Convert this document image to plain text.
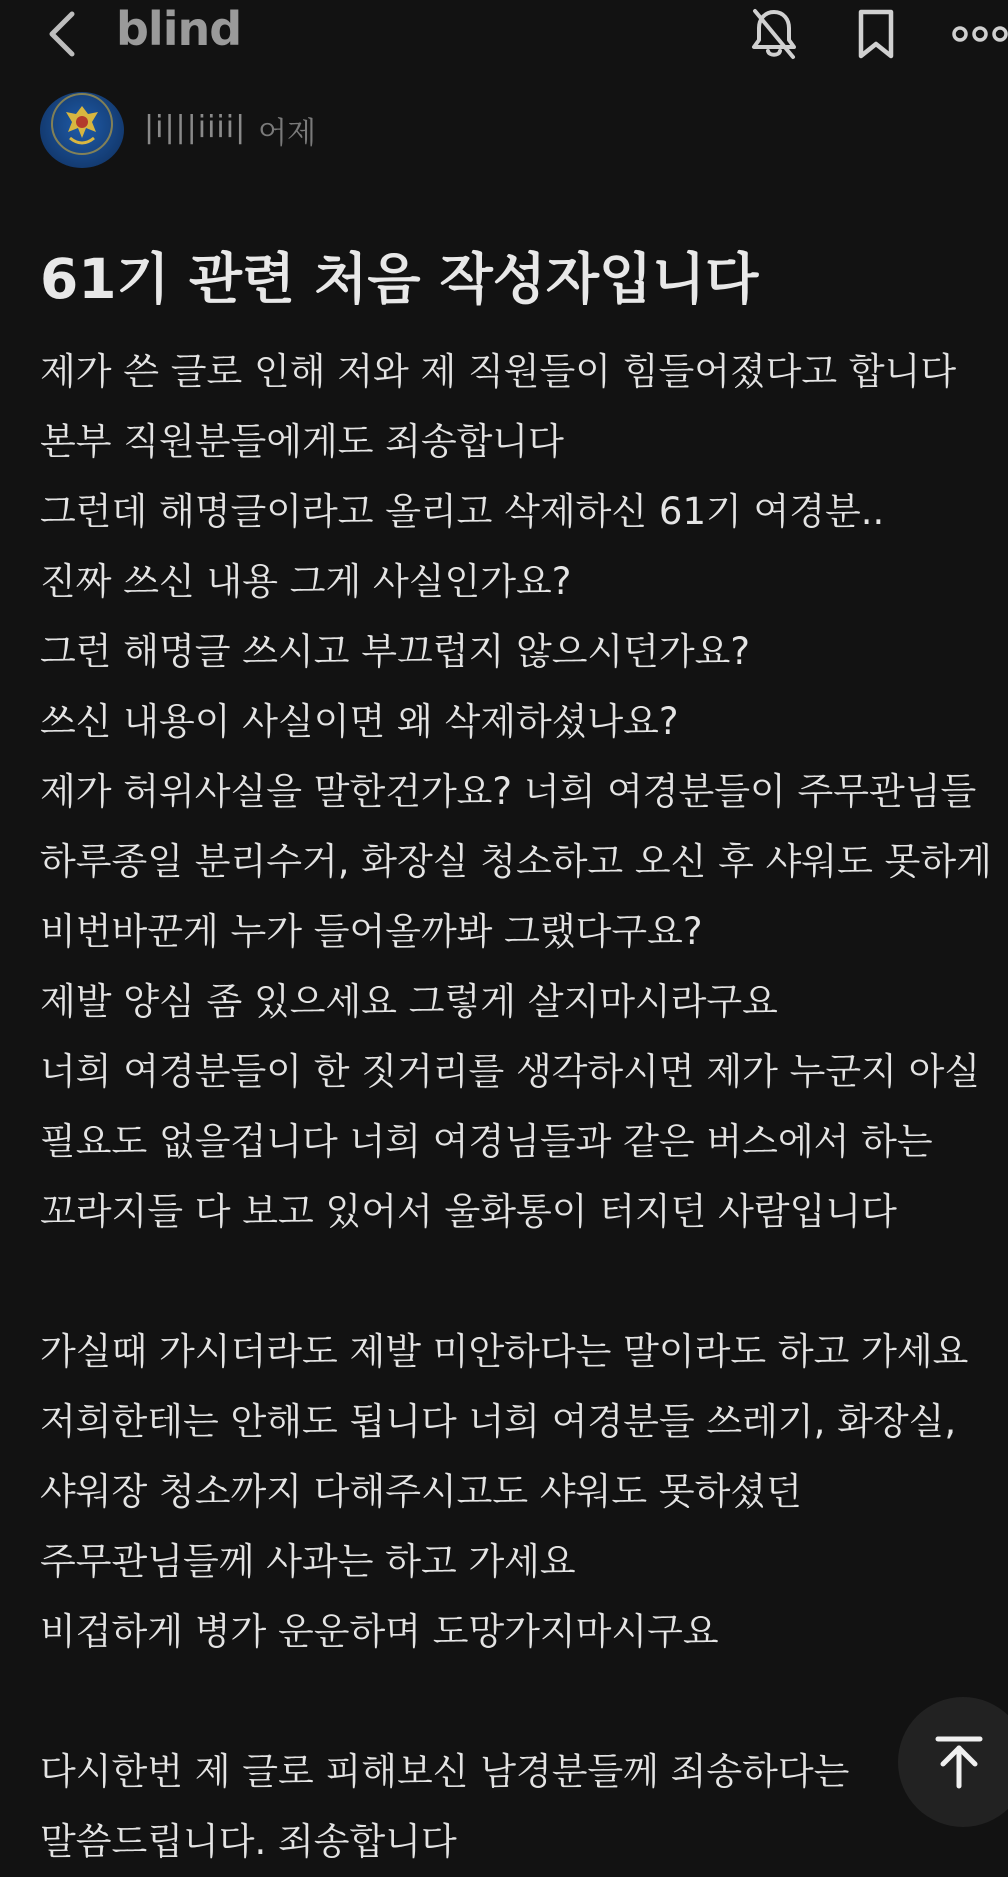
blind
|i|||iiii| 어제
61기 관련 처음 작성자입니다
제가 쓴 글로 인해 저와 제 직원들이 힘들어졌다고 합니다
본부 직원분들에게도 죄송합니다
그런데 해명글이라고 올리고 삭제하신 61기 여경분..
진짜 쓰신 내용 그게 사실인가요?
그런 해명글 쓰시고 부끄럽지 않으시던가요?
쓰신 내용이 사실이면 왜 삭제하셨나요?
제가 허위사실을 말한건가요? 너희 여경분들이 주무관님들
하루종일 분리수거, 화장실 청소하고 오신 후 샤워도 못하게
비번바꾼게 누가 들어올까봐 그랬다구요?
제발 양심 좀 있으세요 그렇게 살지마시라구요
너희 여경분들이 한 짓거리를 생각하시면 제가 누군지 아실
필요도 없을겁니다 너희 여경님들과 같은 버스에서 하는
꼬라지들 다 보고 있어서 울화통이 터지던 사람입니다
가실때 가시더라도 제발 미안하다는 말이라도 하고 가세요
저희한테는 안해도 됩니다 너희 여경분들 쓰레기, 화장실,
샤워장 청소까지 다해주시고도 샤워도 못하셨던
주무관님들께 사과는 하고 가세요
비겁하게 병가 운운하며 도망가지마시구요
다시한번 제 글로 피해보신 남경분들께 죄송하다는
말씀드립니다. 죄송합니다
